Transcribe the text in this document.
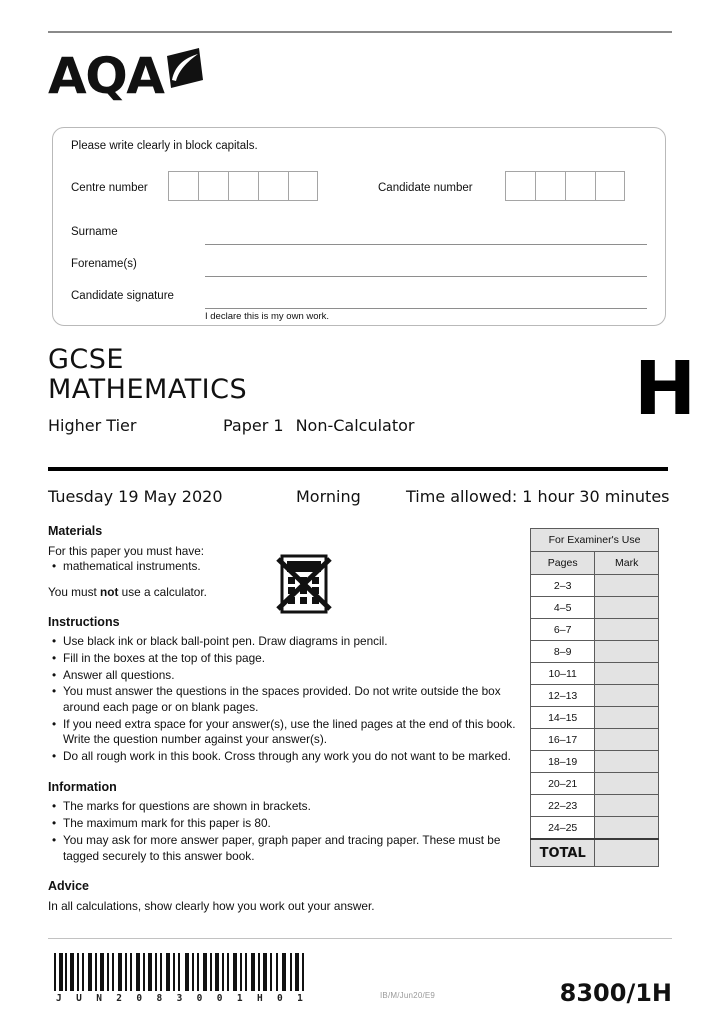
AQA
Please write clearly in block capitals.
Centre number	Candidate number
Surname
Forename(s)
Candidate signature
I declare this is my own work.
GCSE
MATHEMATICS
Higher Tier	Paper 1 Non-Calculator	H
Tuesday 19 May 2020	Morning	Time allowed: 1 hour 30 minutes
Materials
For this paper you must have:
• mathematical instruments.
You must not use a calculator.
Instructions
• Use black ink or black ball-point pen. Draw diagrams in pencil.
• Fill in the boxes at the top of this page.
• Answer all questions.
• You must answer the questions in the spaces provided. Do not write outside the box around each page or on blank pages.
• If you need extra space for your answer(s), use the lined pages at the end of this book. Write the question number against your answer(s).
• Do all rough work in this book. Cross through any work you do not want to be marked.
Information
• The marks for questions are shown in brackets.
• The maximum mark for this paper is 80.
• You may ask for more answer paper, graph paper and tracing paper. These must be tagged securely to this answer book.
Advice
In all calculations, show clearly how you work out your answer.
For Examiner's Use	
Pages	Mark
2–3	
4–5	
6–7	
8–9	
10–11	
12–13	
14–15	
16–17	
18–19	
20–21	
22–23	
24–25	
TOTAL	
J U N 2 0 8 3 0 0 1 H 0 1	IB/M/Jun20/E9	8300/1H
